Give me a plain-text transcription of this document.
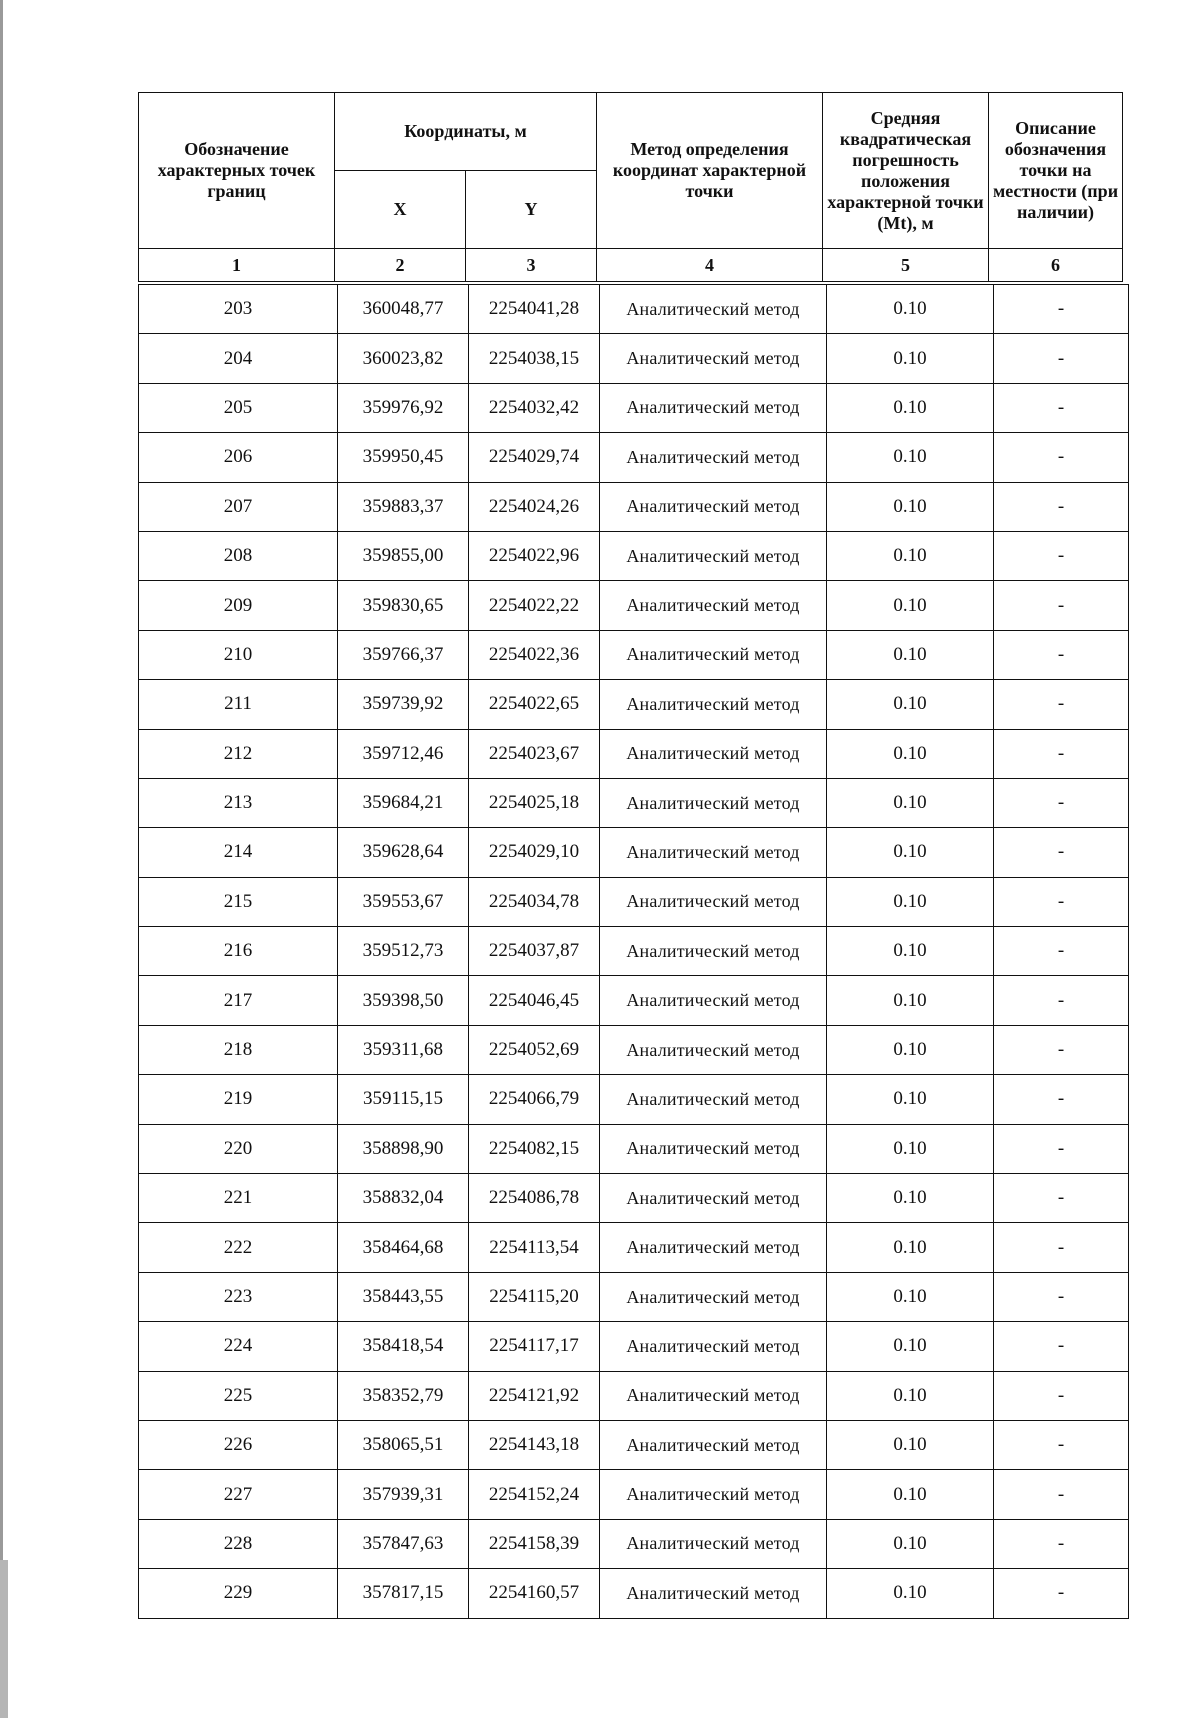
Обозначение характерных точек границ	Координаты, м		Метод определения координат характерной точки	Средняя квадратическая погрешность положения характерной точки (Mt), м	Описание обозначения точки на местности (при наличии)
	X	Y			
1	2	3	4	5	6
203	360048,77	2254041,28	Аналитический метод	0.10	-
204	360023,82	2254038,15	Аналитический метод	0.10	-
205	359976,92	2254032,42	Аналитический метод	0.10	-
206	359950,45	2254029,74	Аналитический метод	0.10	-
207	359883,37	2254024,26	Аналитический метод	0.10	-
208	359855,00	2254022,96	Аналитический метод	0.10	-
209	359830,65	2254022,22	Аналитический метод	0.10	-
210	359766,37	2254022,36	Аналитический метод	0.10	-
211	359739,92	2254022,65	Аналитический метод	0.10	-
212	359712,46	2254023,67	Аналитический метод	0.10	-
213	359684,21	2254025,18	Аналитический метод	0.10	-
214	359628,64	2254029,10	Аналитический метод	0.10	-
215	359553,67	2254034,78	Аналитический метод	0.10	-
216	359512,73	2254037,87	Аналитический метод	0.10	-
217	359398,50	2254046,45	Аналитический метод	0.10	-
218	359311,68	2254052,69	Аналитический метод	0.10	-
219	359115,15	2254066,79	Аналитический метод	0.10	-
220	358898,90	2254082,15	Аналитический метод	0.10	-
221	358832,04	2254086,78	Аналитический метод	0.10	-
222	358464,68	2254113,54	Аналитический метод	0.10	-
223	358443,55	2254115,20	Аналитический метод	0.10	-
224	358418,54	2254117,17	Аналитический метод	0.10	-
225	358352,79	2254121,92	Аналитический метод	0.10	-
226	358065,51	2254143,18	Аналитический метод	0.10	-
227	357939,31	2254152,24	Аналитический метод	0.10	-
228	357847,63	2254158,39	Аналитический метод	0.10	-
229	357817,15	2254160,57	Аналитический метод	0.10	-
